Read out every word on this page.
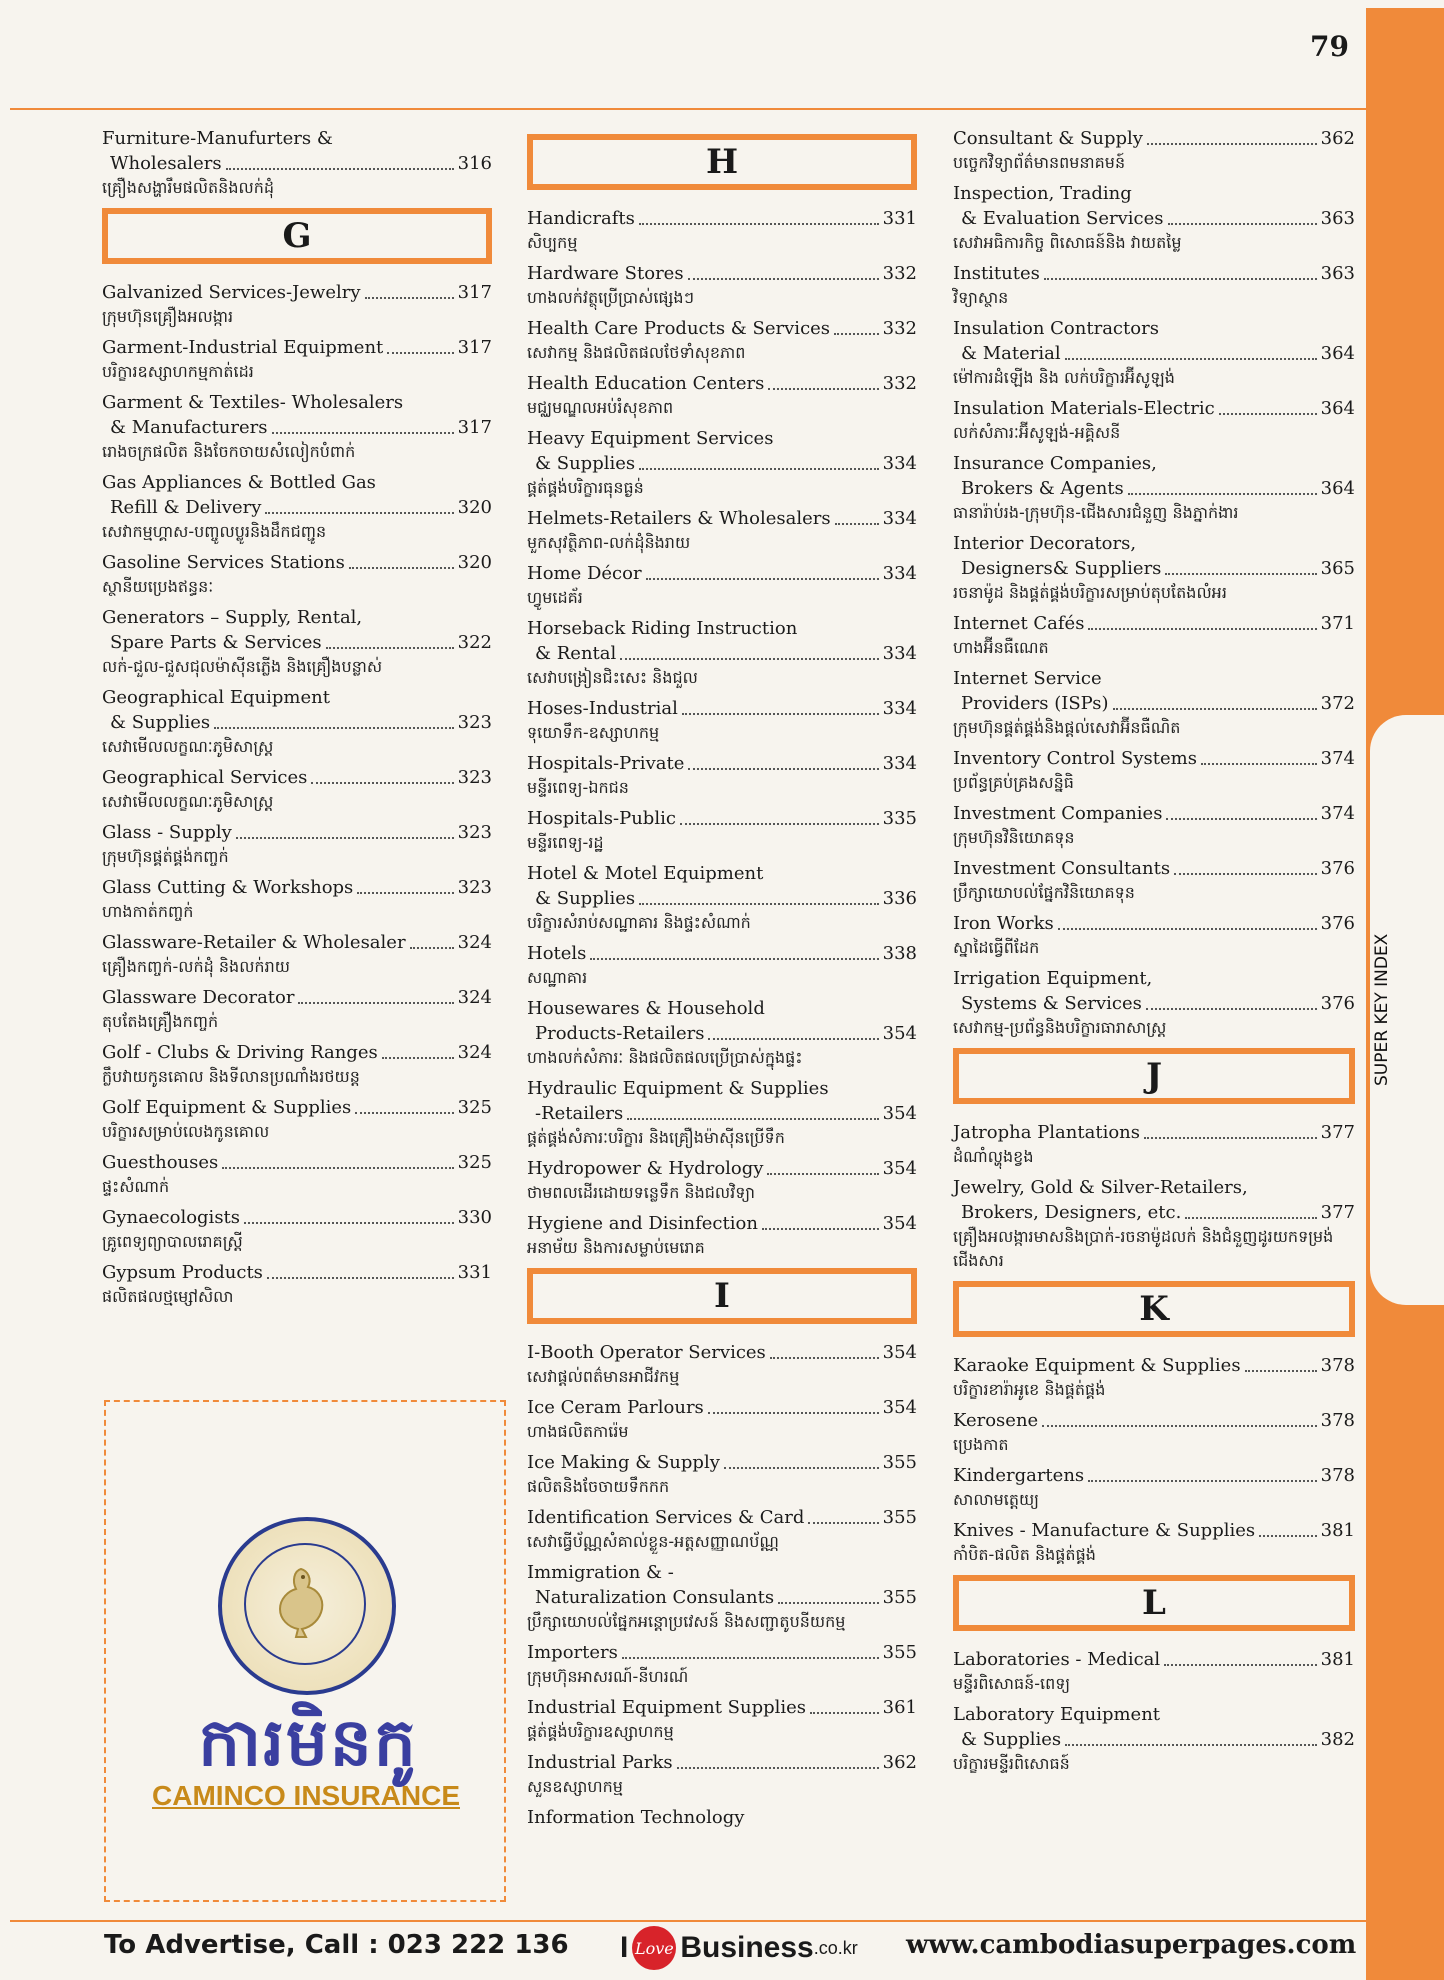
SUPER KEY INDEX
79
Furniture-Manufurters &
Wholesalers	316
គ្រឿងសង្ហារឹមផលិតនិងលក់ដុំ
G
Galvanized Services-Jewelry	317
ក្រុមហ៊ុនគ្រឿងអលង្ការ
Garment-Industrial Equipment	317
បរិក្ខារឧស្សាហកម្មកាត់ដេរ
Garment & Textiles- Wholesalers
& Manufacturers	317
រោងចក្រផលិត និងចែកចាយសំលៀកបំពាក់
Gas Appliances & Bottled Gas
Refill & Delivery	320
សេវាកម្មហ្គាស-បញ្ចូលប្លូរនិងដឹកជញ្ជូន
Gasoline Services Stations	320
ស្ថានីយប្រេងឥន្ធនៈ
Generators – Supply, Rental,
Spare Parts & Services	322
លក់-ជួល-ជួសជុលម៉ាស៊ីនភ្លើង និងគ្រឿងបន្លាស់
Geographical Equipment
& Supplies	323
សេវាមើលលក្ខណៈភូមិសាស្ត្រ
Geographical Services	323
សេវាមើលលក្ខណៈភូមិសាស្ត្រ
Glass - Supply	323
ក្រុមហ៊ុនផ្គត់ផ្គង់កញ្ចក់
Glass Cutting & Workshops	323
ហាងកាត់កញ្ចក់
Glassware-Retailer & Wholesaler	324
គ្រឿងកញ្ចក់-លក់ដុំ និងលក់រាយ
Glassware Decorator	324
តុបតែងគ្រឿងកញ្ចក់
Golf - Clubs & Driving Ranges	324
ក្លឹបវាយកូនគោល និងទីលានប្រណាំងរថយន្ត
Golf Equipment & Supplies	325
បរិក្ខារសម្រាប់លេងកូនគោល
Guesthouses	325
ផ្ទះសំណាក់
Gynaecologists	330
គ្រូពេទ្យព្យាបាលរោគស្ត្រី
Gypsum Products	331
ផលិតផលថ្មម្សៅសិលា
H
Handicrafts	331
សិប្បកម្ម
Hardware Stores	332
ហាងលក់វត្ថុប្រើប្រាស់ផ្សេងៗ
Health Care Products & Services	332
សេវាកម្ម និងផលិតផលថែទាំសុខភាព
Health Education Centers	332
មជ្ឈមណ្ឌលអប់រំសុខភាព
Heavy Equipment Services
& Supplies	334
ផ្គត់ផ្គង់បរិក្ខារធុនធ្ងន់
Helmets-Retailers & Wholesalers	334
មួកសុវត្ថិភាព-លក់ដុំនិងរាយ
Home Décor	334
ហ្វូមដេគ័រ
Horseback Riding Instruction
& Rental	334
សេវាបង្រៀនជិះសេះ និងជួល
Hoses-Industrial	334
ទុយោទឹក-ឧស្សាហកម្ម
Hospitals-Private	334
មន្ទីរពេទ្យ-ឯកជន
Hospitals-Public	335
មន្ទីរពេទ្យ-រដ្ឋ
Hotel & Motel Equipment
& Supplies	336
បរិក្ខារសំរាប់សណ្ឋាគារ និងផ្ទះសំណាក់
Hotels	338
សណ្ឋាគារ
Housewares & Household
Products-Retailers	354
ហាងលក់សំភារៈ និងផលិតផលប្រើប្រាស់ក្នុងផ្ទះ
Hydraulic Equipment & Supplies
-Retailers	354
ផ្គត់ផ្គង់សំភារៈបរិក្ខារ និងគ្រឿងម៉ាស៊ីនប្រើទឹក
Hydropower & Hydrology	354
ថាមពលដើរដោយទន្លេទឹក និងជលវិទ្យា
Hygiene and Disinfection	354
អនាម័យ និងការសម្លាប់មេរោគ
I
I-Booth Operator Services	354
សេវាផ្តល់ពត៌មានអាជីវកម្ម
Ice Ceram Parlours	354
ហាងផលិតការ៉េម
Ice Making & Supply	355
ផលិតនិងចែចាយទឹកកក
Identification Services & Card	355
សេវាធ្វើប័ណ្ណសំគាល់ខ្លួន-អត្តសញ្ញាណប័ណ្ណ
Immigration & -
Naturalization Consulants	355
ប្រឹក្សាយោបល់ផ្នែកអន្តោប្រវេសន៍ និងសញ្ជាតូបនីយកម្ម
Importers	355
ក្រុមហ៊ុនអាសរណ៍-នីហរណ៍
Industrial Equipment Supplies	361
ផ្គត់ផ្គង់បរិក្ខារឧស្សាហកម្ម
Industrial Parks	362
សួនឧស្សាហកម្ម
Information Technology
Consultant & Supply	362
បច្ចេកវិទ្យាព័ត៌មានពមនាគមន៍
Inspection, Trading
& Evaluation Services	363
សេវាអធិការកិច្ច ពិសោធន៍និង វាយតម្លៃ
Institutes	363
វិទ្យាស្ថាន
Insulation Contractors
& Material	364
ម៉ៅការដំឡើង និង លក់បរិក្ខារអ៊ីសូឡង់
Insulation Materials-Electric	364
លក់សំភារៈអ៊ីសូឡង់-អគ្គិសនី
Insurance Companies,
Brokers & Agents	364
ធានារ៉ាប់រង-ក្រុមហ៊ុន-ជើងសារជំនួញ និងភ្នាក់ងារ
Interior Decorators,
Designers& Suppliers	365
រចនាម៉ូដ និងផ្គត់ផ្គង់បរិក្ខារសម្រាប់តុបតែងលំអរ
Internet Cafés	371
ហាងអ៊ីនធឺណេត
Internet Service
Providers (ISPs)	372
ក្រុមហ៊ុនផ្គត់ផ្គង់និងផ្តល់សេវាអ៊ីនធឺណិត
Inventory Control Systems	374
ប្រព័ន្ធគ្រប់គ្រងសន្និធិ
Investment Companies	374
ក្រុមហ៊ុនវិនិយោគទុន
Investment Consultants	376
ប្រឹក្សាយោបល់ផ្នែកវិនិយោគទុន
Iron Works	376
ស្នាដៃធ្វើពីដែក
Irrigation Equipment,
Systems & Services	376
សេវាកម្ម-ប្រព័ន្ធនិងបរិក្ខារធារាសាស្ត្រ
J
Jatropha Plantations	377
ដំណាំល្ហុងខ្វង
Jewelry, Gold & Silver-Retailers,
Brokers, Designers, etc.	377
គ្រឿងអលង្ការមាសនិងប្រាក់-រចនាម៉ូដលក់ និងជំនួញដូរយកទម្រង់ជើងសារ
K
Karaoke Equipment & Supplies	378
បរិក្ខារខារ៉ាអូខេ និងផ្គត់ផ្គង់
Kerosene	378
ប្រេងកាត
Kindergartens	378
សាលាមត្តេយ្យ
Knives - Manufacture & Supplies	381
កាំបិត-ផលិត និងផ្គត់ផ្គង់
L
Laboratories - Medical	381
មន្ទីរពិសោធន៍-ពេទ្យ
Laboratory Equipment
& Supplies	382
បរិក្ខារមន្ទីរពិសោធន៍
ការមិនកូ
CAMINCO INSURANCE
To Advertise, Call : 023 222 136 I Love Business .co.kr www.cambodiasuperpages.com
